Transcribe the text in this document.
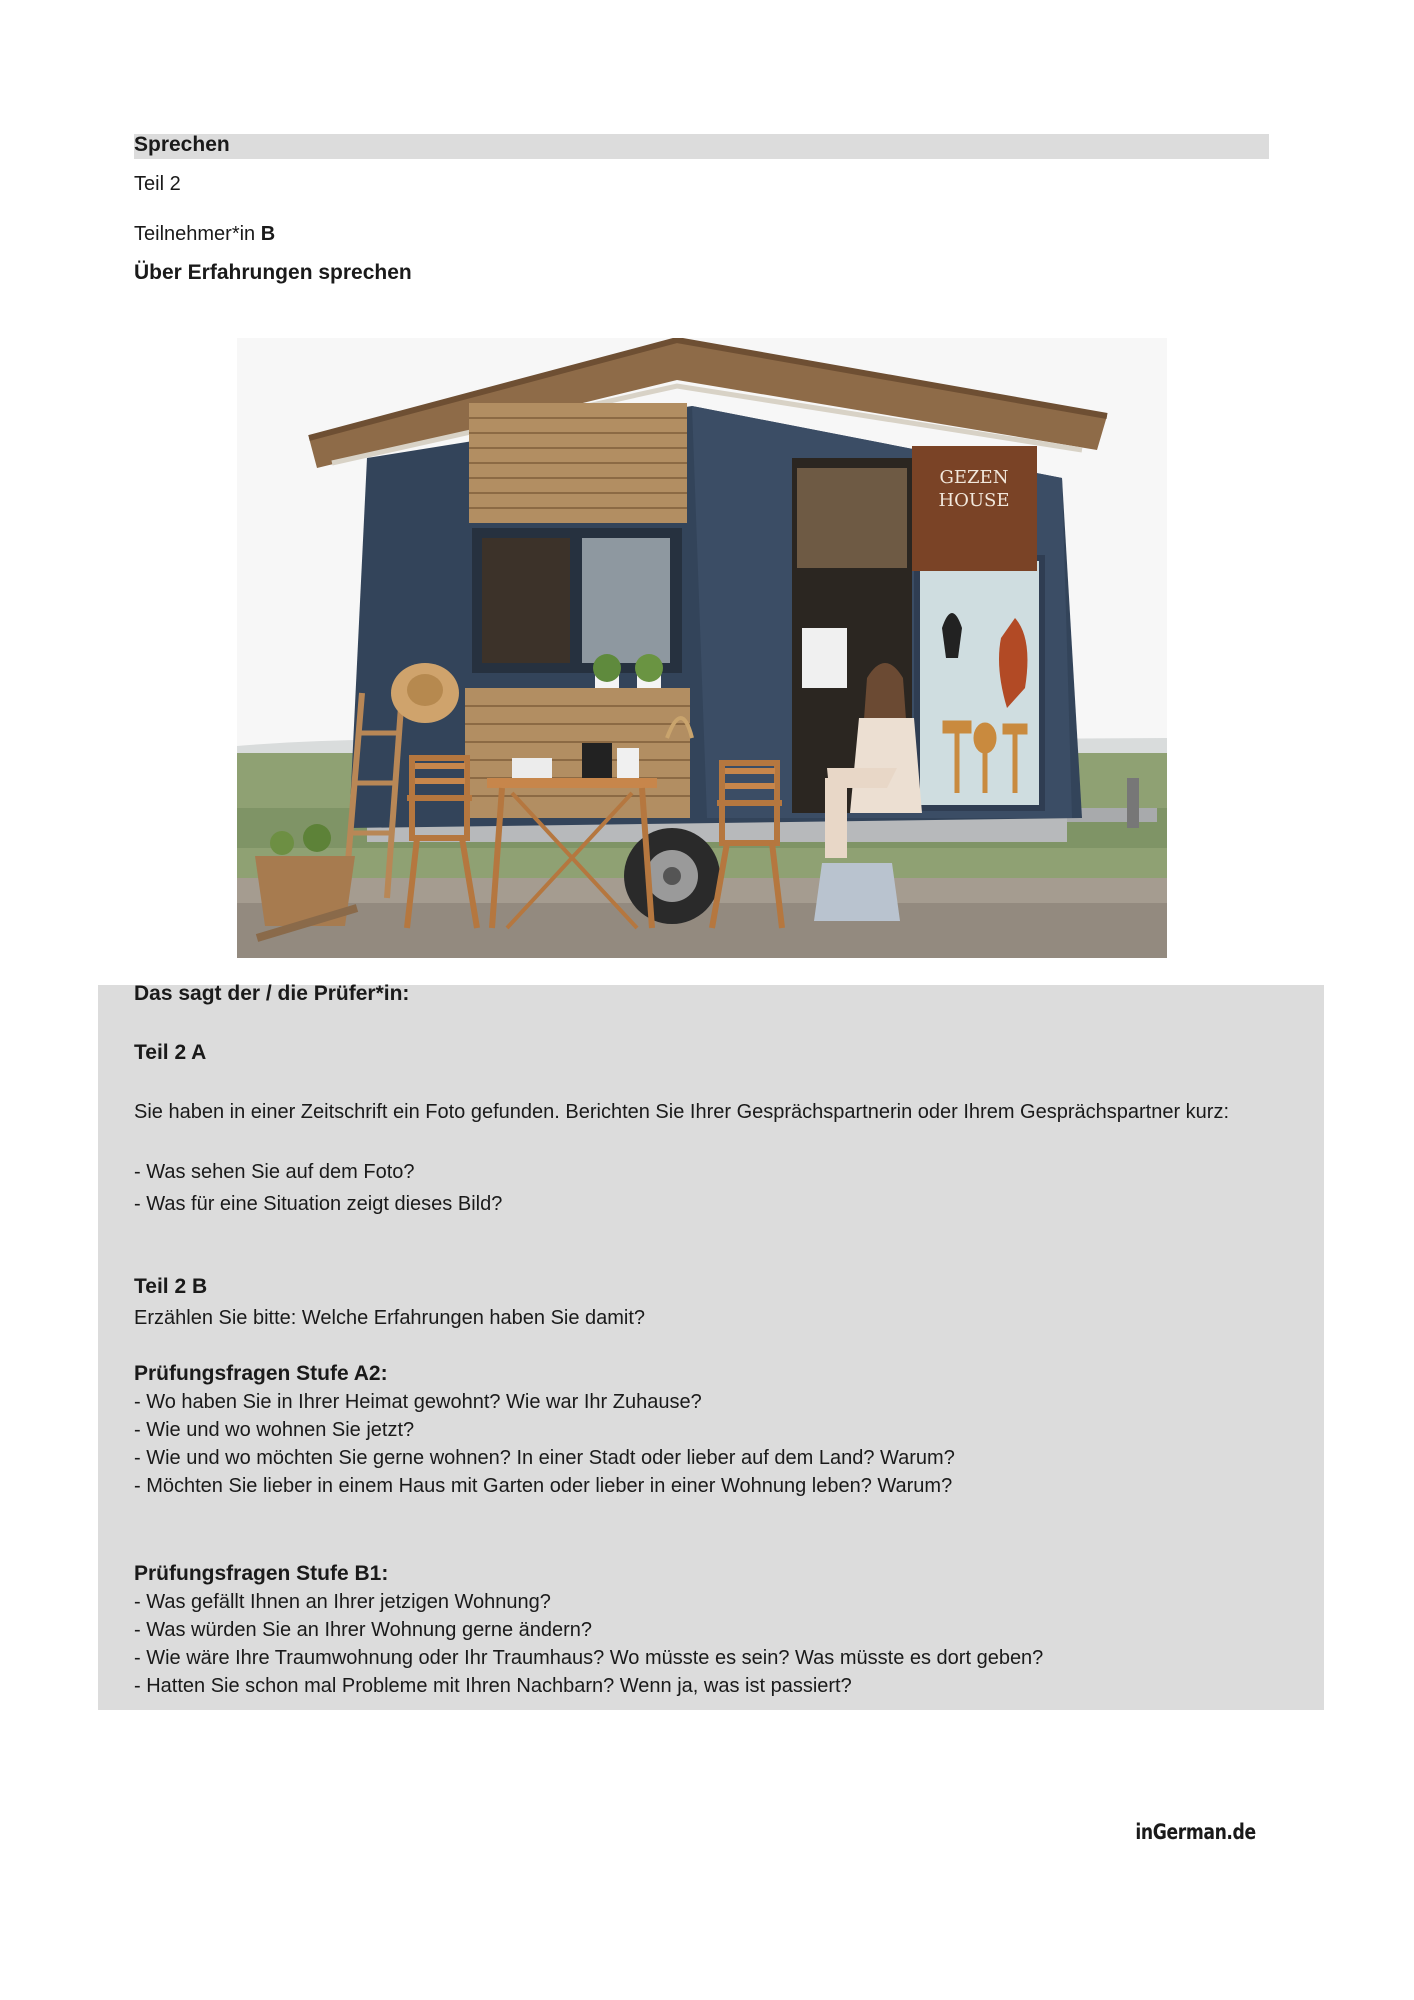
Sprechen
Teil 2
Teilnehmer*in B
Über Erfahrungen sprechen
GEZEN
HOUSE
Das sagt der / die Prüfer*in:
Teil 2 A
Sie haben in einer Zeitschrift ein Foto gefunden. Berichten Sie Ihrer Gesprächspartnerin oder Ihrem Gesprächspartner kurz:
- Was sehen Sie auf dem Foto?
- Was für eine Situation zeigt dieses Bild?
Teil 2 B
Erzählen Sie bitte: Welche Erfahrungen haben Sie damit?
Prüfungsfragen Stufe A2:
- Wo haben Sie in Ihrer Heimat gewohnt? Wie war Ihr Zuhause?
- Wie und wo wohnen Sie jetzt?
- Wie und wo möchten Sie gerne wohnen? In einer Stadt oder lieber auf dem Land? Warum?
- Möchten Sie lieber in einem Haus mit Garten oder lieber in einer Wohnung leben? Warum?
Prüfungsfragen Stufe B1:
- Was gefällt Ihnen an Ihrer jetzigen Wohnung?
- Was würden Sie an Ihrer Wohnung gerne ändern?
- Wie wäre Ihre Traumwohnung oder Ihr Traumhaus? Wo müsste es sein? Was müsste es dort geben?
- Hatten Sie schon mal Probleme mit Ihren Nachbarn? Wenn ja, was ist passiert?
inGerman.de
